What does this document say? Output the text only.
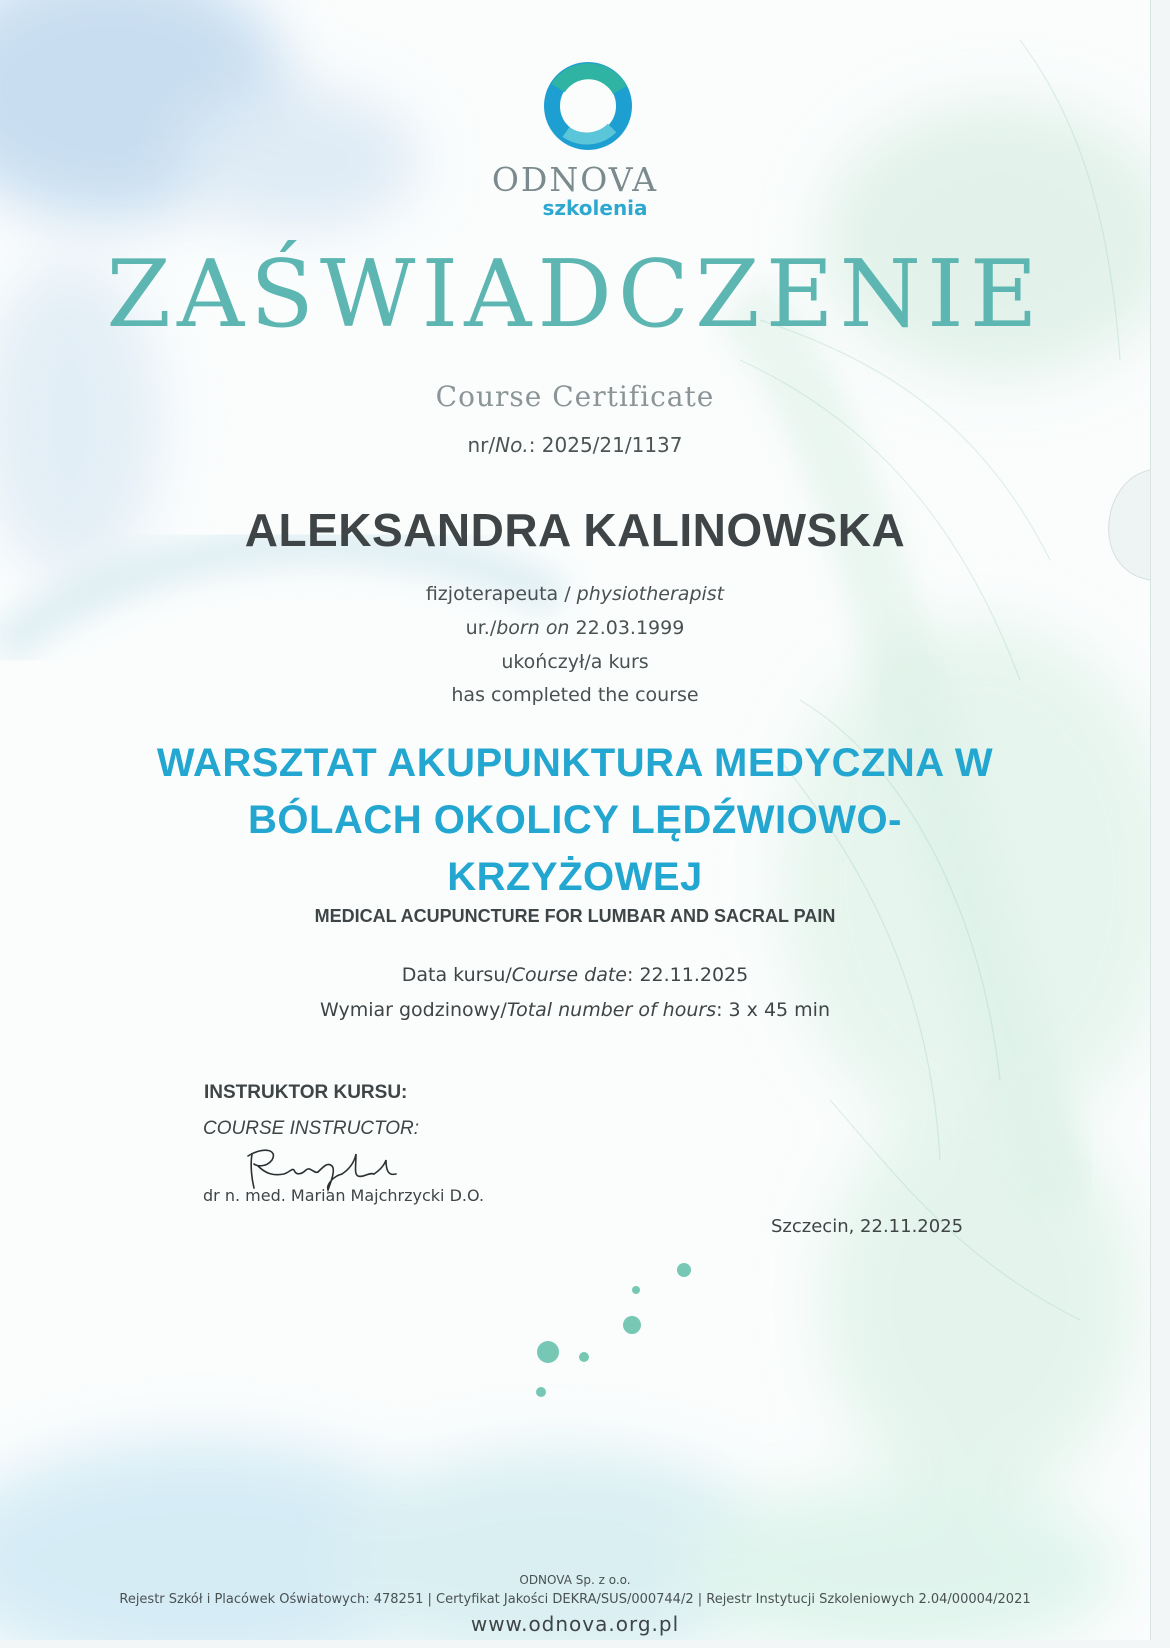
ODNOVA
szkolenia
ZAŚWIADCZENIE
Course Certificate
nr/No.: 2025/21/1137
ALEKSANDRA KALINOWSKA
fizjoterapeuta / physiotherapist
ur./born on 22.03.1999
ukończył/a kurs
has completed the course
WARSZTAT AKUPUNKTURA MEDYCZNA W
BÓLACH OKOLICY LĘDŹWIOWO-
KRZYŻOWEJ
MEDICAL ACUPUNCTURE FOR LUMBAR AND SACRAL PAIN
Data kursu/Course date: 22.11.2025
Wymiar godzinowy/Total number of hours: 3 x 45 min
INSTRUKTOR KURSU:
COURSE INSTRUCTOR:
dr n. med. Marian Majchrzycki D.O.
Szczecin, 22.11.2025
ODNOVA Sp. z o.o.
Rejestr Szkół i Placówek Oświatowych: 478251 | Certyfikat Jakości DEKRA/SUS/000744/2 | Rejestr Instytucji Szkoleniowych 2.04/00004/2021
www.odnova.org.pl
